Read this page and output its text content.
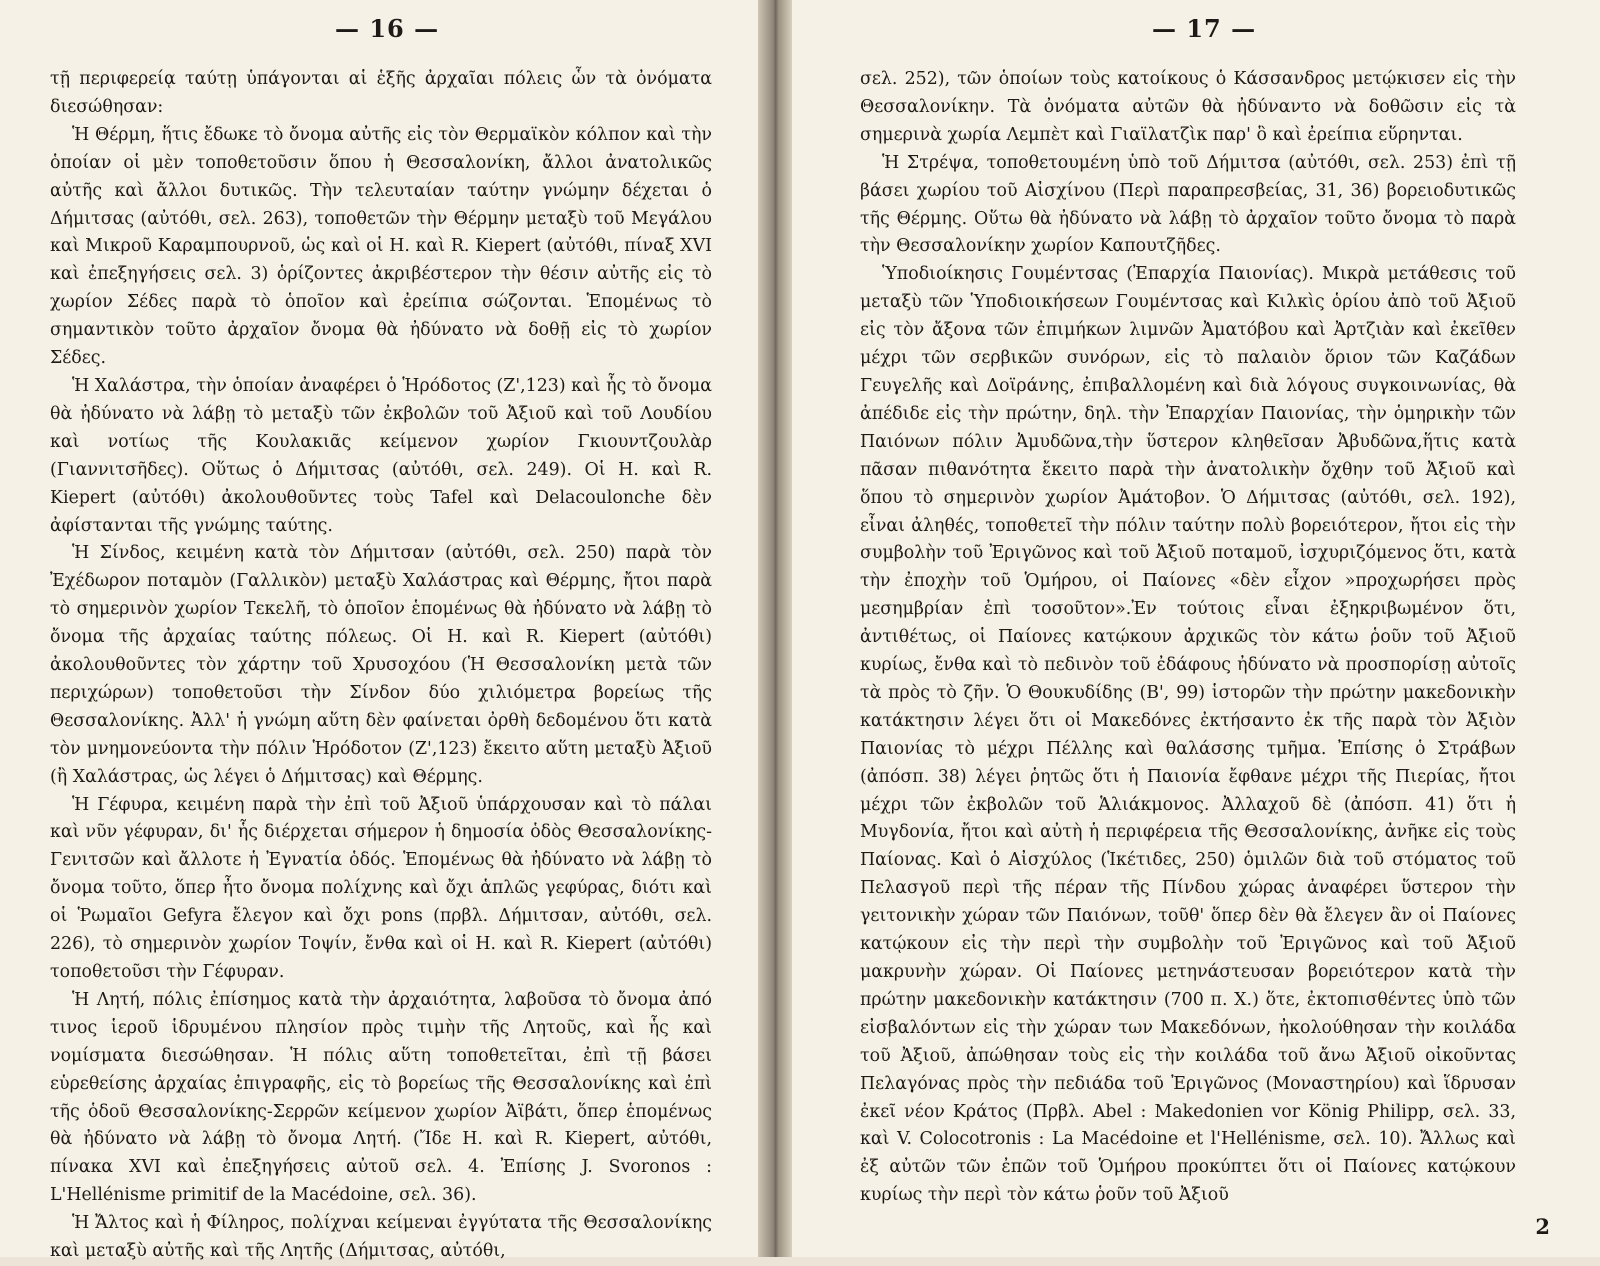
— 16 —

τῇ περιφερείᾳ ταύτῃ ὑπάγονται αἱ ἑξῆς ἀρχαῖαι πόλεις ὧν τὰ ὀνόματα διεσώθησαν:

Ἡ Θέρμη, ἥτις ἔδωκε τὸ ὄνομα αὐτῆς εἰς τὸν Θερμαϊκὸν κόλπον καὶ τὴν ὁποίαν οἱ μὲν τοποθετοῦσιν ὅπου ἡ Θεσσαλονίκη, ἄλλοι ἀνατολικῶς αὐτῆς καὶ ἄλλοι δυτικῶς. Τὴν τελευταίαν ταύτην γνώμην δέχεται ὁ Δήμιτσας (αὐτόθι, σελ. 263), τοποθετῶν τὴν Θέρμην μεταξὺ τοῦ Μεγάλου καὶ Μικροῦ Καραμπουρνοῦ, ὡς καὶ οἱ Η. καὶ R. Kiepert (αὐτόθι, πίναξ XVI καὶ ἐπεξηγήσεις σελ. 3) ὁρίζοντες ἀκριβέστερον τὴν θέσιν αὐτῆς εἰς τὸ χωρίον Σέδες παρὰ τὸ ὁποῖον καὶ ἐρείπια σώζονται. Ἑπομένως τὸ σημαντικὸν τοῦτο ἀρχαῖον ὄνομα θὰ ἠδύνατο νὰ δοθῇ εἰς τὸ χωρίον Σέδες.

Ἡ Χαλάστρα, τὴν ὁποίαν ἀναφέρει ὁ Ἡρόδοτος (Ζ',123) καὶ ἧς τὸ ὄνομα θὰ ἠδύνατο νὰ λάβῃ τὸ μεταξὺ τῶν ἐκβολῶν τοῦ Ἀξιοῦ καὶ τοῦ Λουδίου καὶ νοτίως τῆς Κουλακιᾶς κείμενον χωρίον Γκιουντζουλὰρ (Γιαννιτσῆδες). Οὕτως ὁ Δήμιτσας (αὐτόθι, σελ. 249). Οἱ Η. καὶ R. Kiepert (αὐτόθι) ἀκολουθοῦντες τοὺς Tafel καὶ Delacoulonche δὲν ἀφίστανται τῆς γνώμης ταύτης.

Ἡ Σίνδος, κειμένη κατὰ τὸν Δήμιτσαν (αὐτόθι, σελ. 250) παρὰ τὸν Ἐχέδωρον ποταμὸν (Γαλλικὸν) μεταξὺ Χαλάστρας καὶ Θέρμης, ἤτοι παρὰ τὸ σημερινὸν χωρίον Τεκελῆ, τὸ ὁποῖον ἑπομένως θὰ ἠδύνατο νὰ λάβῃ τὸ ὄνομα τῆς ἀρχαίας ταύτης πόλεως. Οἱ Η. καὶ R. Kiepert (αὐτόθι) ἀκολουθοῦντες τὸν χάρτην τοῦ Χρυσοχόου (Ἡ Θεσσαλονίκη μετὰ τῶν περιχώρων) τοποθετοῦσι τὴν Σίνδον δύο χιλιόμετρα βορείως τῆς Θεσσαλονίκης. Ἀλλ' ἡ γνώμη αὕτη δὲν φαίνεται ὀρθὴ δεδομένου ὅτι κατὰ τὸν μνημονεύοντα τὴν πόλιν Ἡρόδοτον (Ζ',123) ἔκειτο αὕτη μεταξὺ Ἀξιοῦ (ἢ Χαλάστρας, ὡς λέγει ὁ Δήμιτσας) καὶ Θέρμης.

Ἡ Γέφυρα, κειμένη παρὰ τὴν ἐπὶ τοῦ Ἀξιοῦ ὑπάρχουσαν καὶ τὸ πάλαι καὶ νῦν γέφυραν, δι' ἧς διέρχεται σήμερον ἡ δημοσία ὁδὸς Θεσσαλονίκης-Γενιτσῶν καὶ ἄλλοτε ἡ Ἐγνατία ὁδός. Ἑπομένως θὰ ἠδύνατο νὰ λάβῃ τὸ ὄνομα τοῦτο, ὅπερ ἦτο ὄνομα πολίχνης καὶ ὄχι ἁπλῶς γεφύρας, διότι καὶ οἱ Ῥωμαῖοι Gefyra ἔλεγον καὶ ὄχι pons (πρβλ. Δήμιτσαν, αὐτόθι, σελ. 226), τὸ σημερινὸν χωρίον Τοψίν, ἔνθα καὶ οἱ Η. καὶ R. Kiepert (αὐτόθι) τοποθετοῦσι τὴν Γέφυραν.

Ἡ Λητή, πόλις ἐπίσημος κατὰ τὴν ἀρχαιότητα, λαβοῦσα τὸ ὄνομα ἀπό τινος ἱεροῦ ἱδρυμένου πλησίον πρὸς τιμὴν τῆς Λητοῦς, καὶ ἧς καὶ νομίσματα διεσώθησαν. Ἡ πόλις αὕτη τοποθετεῖται, ἐπὶ τῇ βάσει εὑρεθείσης ἀρχαίας ἐπιγραφῆς, εἰς τὸ βορείως τῆς Θεσσαλονίκης καὶ ἐπὶ τῆς ὁδοῦ Θεσσαλονίκης-Σερρῶν κείμενον χωρίον Ἀϊβάτι, ὅπερ ἑπομένως θὰ ἠδύνατο νὰ λάβῃ τὸ ὄνομα Λητή. (Ἴδε Η. καὶ R. Kiepert, αὐτόθι, πίνακα XVI καὶ ἐπεξηγήσεις αὐτοῦ σελ. 4. Ἐπίσης J. Svoronos : L'Hellénisme primitif de la Macédoine, σελ. 36).

Ἡ Ἄλτος καὶ ἡ Φίληρος, πολίχναι κείμεναι ἐγγύτατα τῆς Θεσσαλονίκης καὶ μεταξὺ αὐτῆς καὶ τῆς Λητῆς (Δήμιτσας, αὐτόθι,

— 17 —

σελ. 252), τῶν ὁποίων τοὺς κατοίκους ὁ Κάσσανδρος μετῴκισεν εἰς τὴν Θεσσαλονίκην. Τὰ ὀνόματα αὐτῶν θὰ ἠδύναντο νὰ δοθῶσιν εἰς τὰ σημερινὰ χωρία Λεμπὲτ καὶ Γιαϊλατζὶκ παρ' ὃ καὶ ἐρείπια εὕρηνται.

Ἡ Στρέψα, τοποθετουμένη ὑπὸ τοῦ Δήμιτσα (αὐτόθι, σελ. 253) ἐπὶ τῇ βάσει χωρίου τοῦ Αἰσχίνου (Περὶ παραπρεσβείας, 31, 36) βορειοδυτικῶς τῆς Θέρμης. Οὕτω θὰ ἠδύνατο νὰ λάβῃ τὸ ἀρχαῖον τοῦτο ὄνομα τὸ παρὰ τὴν Θεσσαλονίκην χωρίον Καπουτζῆδες.

Ὑποδιοίκησις Γουμέντσας (Ἐπαρχία Παιονίας). Μικρὰ μετάθεσις τοῦ μεταξὺ τῶν Ὑποδιοικήσεων Γουμέντσας καὶ Κιλκὶς ὁρίου ἀπὸ τοῦ Ἀξιοῦ εἰς τὸν ἄξονα τῶν ἐπιμήκων λιμνῶν Ἀματόβου καὶ Ἀρτζιὰν καὶ ἐκεῖθεν μέχρι τῶν σερβικῶν συνόρων, εἰς τὸ παλαιὸν ὅριον τῶν Καζάδων Γευγελῆς καὶ Δοϊράνης, ἐπιβαλλομένη καὶ διὰ λόγους συγκοινωνίας, θὰ ἀπέδιδε εἰς τὴν πρώτην, δηλ. τὴν Ἐπαρχίαν Παιονίας, τὴν ὁμηρικὴν τῶν Παιόνων πόλιν Ἀμυδῶνα,τὴν ὕστερον κληθεῖσαν Ἀβυδῶνα,ἥτις κατὰ πᾶσαν πιθανότητα ἔκειτο παρὰ τὴν ἀνατολικὴν ὄχθην τοῦ Ἀξιοῦ καὶ ὅπου τὸ σημερινὸν χωρίον Ἀμάτοβον. Ὁ Δήμιτσας (αὐτόθι, σελ. 192), εἶναι ἀληθές, τοποθετεῖ τὴν πόλιν ταύτην πολὺ βορειότερον, ἤτοι εἰς τὴν συμβολὴν τοῦ Ἐριγῶνος καὶ τοῦ Ἀξιοῦ ποταμοῦ, ἰσχυριζόμενος ὅτι, κατὰ τὴν ἐποχὴν τοῦ Ὁμήρου, οἱ Παίονες «δὲν εἶχον »προχωρήσει πρὸς μεσημβρίαν ἐπὶ τοσοῦτον».Ἐν τούτοις εἶναι ἐξηκριβωμένον ὅτι, ἀντιθέτως, οἱ Παίονες κατῴκουν ἀρχικῶς τὸν κάτω ῥοῦν τοῦ Ἀξιοῦ κυρίως, ἔνθα καὶ τὸ πεδινὸν τοῦ ἐδάφους ἠδύνατο νὰ προσπορίσῃ αὐτοῖς τὰ πρὸς τὸ ζῆν. Ὁ Θουκυδίδης (Β', 99) ἱστορῶν τὴν πρώτην μακεδονικὴν κατάκτησιν λέγει ὅτι οἱ Μακεδόνες ἐκτήσαντο ἐκ τῆς παρὰ τὸν Ἀξιὸν Παιονίας τὸ μέχρι Πέλλης καὶ θαλάσσης τμῆμα. Ἐπίσης ὁ Στράβων (ἀπόσπ. 38) λέγει ῥητῶς ὅτι ἡ Παιονία ἔφθανε μέχρι τῆς Πιερίας, ἤτοι μέχρι τῶν ἐκβολῶν τοῦ Ἁλιάκμονος. Ἀλλαχοῦ δὲ (ἀπόσπ. 41) ὅτι ἡ Μυγδονία, ἤτοι καὶ αὐτὴ ἡ περιφέρεια τῆς Θεσσαλονίκης, ἀνῆκε εἰς τοὺς Παίονας. Καὶ ὁ Αἰσχύλος (Ἱκέτιδες, 250) ὁμιλῶν διὰ τοῦ στόματος τοῦ Πελασγοῦ περὶ τῆς πέραν τῆς Πίνδου χώρας ἀναφέρει ὕστερον τὴν γειτονικὴν χώραν τῶν Παιόνων, τοῦθ' ὅπερ δὲν θὰ ἔλεγεν ἂν οἱ Παίονες κατῴκουν εἰς τὴν περὶ τὴν συμβολὴν τοῦ Ἐριγῶνος καὶ τοῦ Ἀξιοῦ μακρυνὴν χώραν. Οἱ Παίονες μετηνάστευσαν βορειότερον κατὰ τὴν πρώτην μακεδονικὴν κατάκτησιν (700 π. Χ.) ὅτε, ἐκτοπισθέντες ὑπὸ τῶν εἰσβαλόντων εἰς τὴν χώραν των Μακεδόνων, ἠκολούθησαν τὴν κοιλάδα τοῦ Ἀξιοῦ, ἀπώθησαν τοὺς εἰς τὴν κοιλάδα τοῦ ἄνω Ἀξιοῦ οἰκοῦντας Πελαγόνας πρὸς τὴν πεδιάδα τοῦ Ἐριγῶνος (Μοναστηρίου) καὶ ἵδρυσαν ἐκεῖ νέον Κράτος (Πρβλ. Abel : Makedonien vor König Philipp, σελ. 33, καὶ V. Colocotronis : La Macédoine et l'Hellénisme, σελ. 10). Ἄλλως καὶ ἐξ αὐτῶν τῶν ἐπῶν τοῦ Ὁμήρου προκύπτει ὅτι οἱ Παίονες κατῴκουν κυρίως τὴν περὶ τὸν κάτω ῥοῦν τοῦ Ἀξιοῦ

2
